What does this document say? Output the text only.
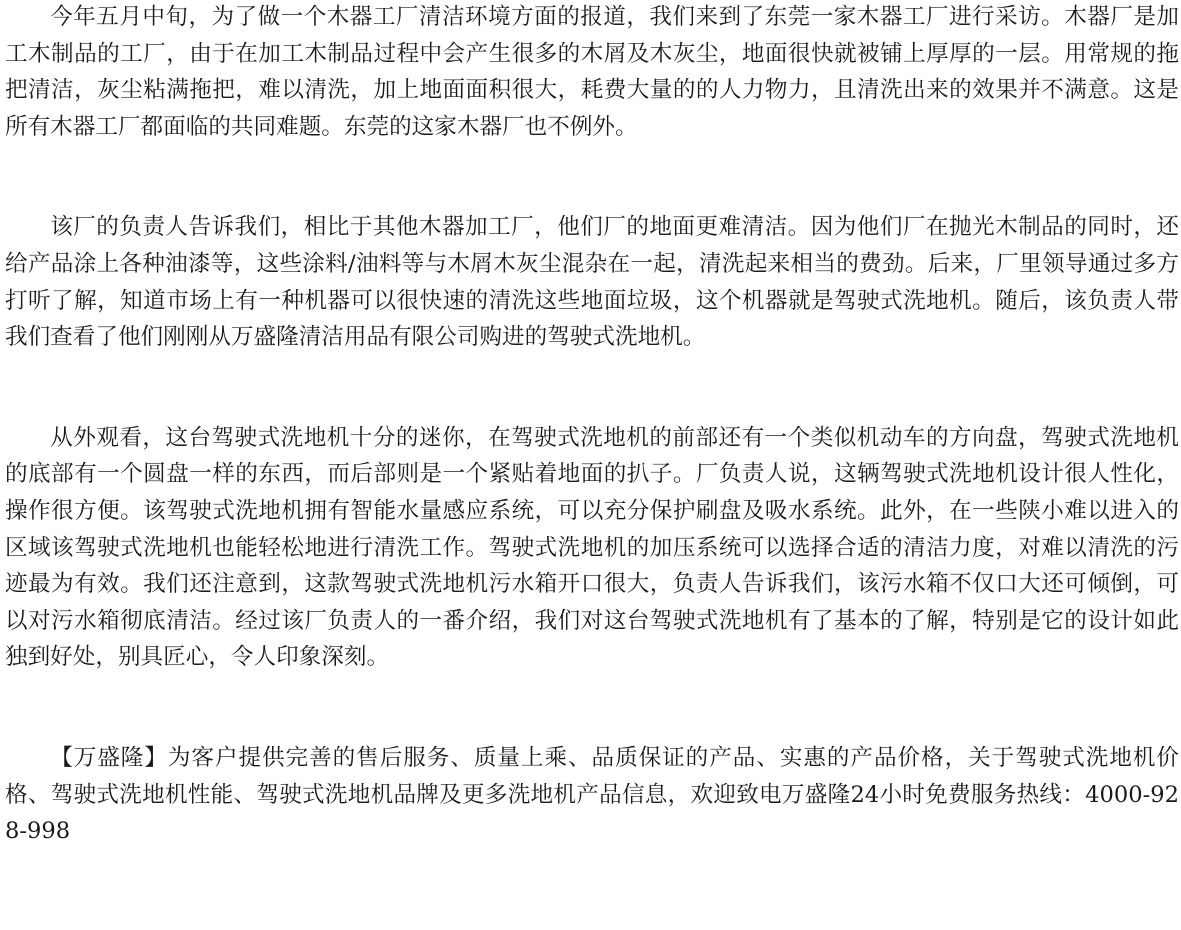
今年五月中旬，为了做一个木器工厂清洁环境方面的报道，我们来到了东莞一家木器工厂进行采访。木器厂是加工木制品的工厂，由于在加工木制品过程中会产生很多的木屑及木灰尘，地面很快就被铺上厚厚的一层。用常规的拖把清洁，灰尘粘满拖把，难以清洗，加上地面面积很大，耗费大量的的人力物力，且清洗出来的效果并不满意。这是所有木器工厂都面临的共同难题。东莞的这家木器厂也不例外。

该厂的负责人告诉我们，相比于其他木器加工厂，他们厂的地面更难清洁。因为他们厂在抛光木制品的同时，还给产品涂上各种油漆等，这些涂料/油料等与木屑木灰尘混杂在一起，清洗起来相当的费劲。后来，厂里领导通过多方打听了解，知道市场上有一种机器可以很快速的清洗这些地面垃圾，这个机器就是驾驶式洗地机。随后，该负责人带我们查看了他们刚刚从万盛隆清洁用品有限公司购进的驾驶式洗地机。

从外观看，这台驾驶式洗地机十分的迷你，在驾驶式洗地机的前部还有一个类似机动车的方向盘，驾驶式洗地机的底部有一个圆盘一样的东西，而后部则是一个紧贴着地面的扒子。厂负责人说，这辆驾驶式洗地机设计很人性化，操作很方便。该驾驶式洗地机拥有智能水量感应系统，可以充分保护刷盘及吸水系统。此外，在一些陕小难以进入的区域该驾驶式洗地机也能轻松地进行清洗工作。驾驶式洗地机的加压系统可以选择合适的清洁力度，对难以清洗的污迹最为有效。我们还注意到，这款驾驶式洗地机污水箱开口很大，负责人告诉我们，该污水箱不仅口大还可倾倒，可以对污水箱彻底清洁。经过该厂负责人的一番介绍，我们对这台驾驶式洗地机有了基本的了解，特别是它的设计如此独到好处，别具匠心，令人印象深刻。

【万盛隆】为客户提供完善的售后服务、质量上乘、品质保证的产品、实惠的产品价格，关于驾驶式洗地机价格、驾驶式洗地机性能、驾驶式洗地机品牌及更多洗地机产品信息，欢迎致电万盛隆24小时免费服务热线：4000-928-998
